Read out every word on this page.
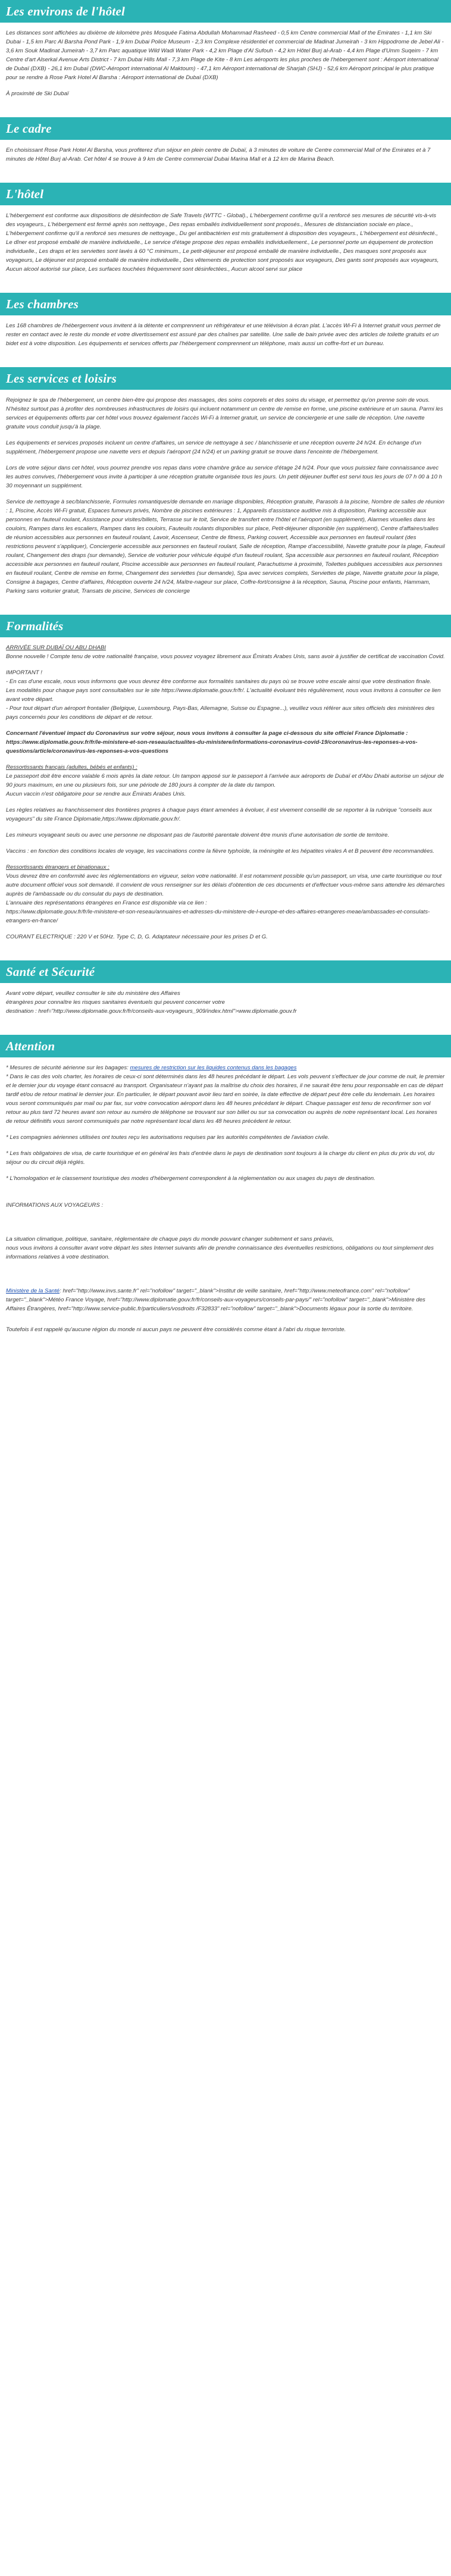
Les environs de l'hôtel

Les distances sont affichées au dixième de kilomètre près Mosquée Fatima Abdullah Mohammad Rasheed - 0,5 km Centre commercial Mall of the Emirates - 1,1 km Ski Dubai - 1,5 km Parc Al Barsha Pond Park - 1,9 km Dubai Police Museum - 2,3 km Complexe résidentiel et commercial de Madinat Jumeirah - 3 km Hippodrome de Jebel Ali - 3,6 km Souk Madinat Jumeirah - 3,7 km Parc aquatique Wild Wadi Water Park - 4,2 km Plage d'Al Sufouh - 4,2 km Hôtel Burj al-Arab - 4,4 km Plage d'Umm Suqeim - 7 km Centre d'art Alserkal Avenue Arts District - 7 km Dubai Hills Mall - 7,3 km Plage de Kite - 8 km Les aéroports les plus proches de l'hébergement sont : Aéroport international de Dubaï (DXB) - 26,1 km Dubaï (DWC-Aéroport international Al Maktoum) - 47,1 km Aéroport international de Sharjah (SHJ) - 52,6 km Aéroport principal le plus pratique pour se rendre à Rose Park Hotel Al Barsha : Aéroport international de Dubaï (DXB)

À proximité de Ski Dubaï

Le cadre

En choisissant Rose Park Hotel Al Barsha, vous profiterez d'un séjour en plein centre de Dubaï, à 3 minutes de voiture de Centre commercial Mall of the Emirates et à 7 minutes de Hôtel Burj al-Arab. Cet hôtel 4 se trouve à 9 km de Centre commercial Dubai Marina Mall et à 12 km de Marina Beach.

L'hôtel

L'hébergement est conforme aux dispositions de désinfection de Safe Travels (WTTC - Global)., L'hébergement confirme qu'il a renforcé ses mesures de sécurité vis-à-vis des voyageurs., L'hébergement est fermé après son nettoyage., Des repas emballés individuellement sont proposés., Mesures de distanciation sociale en place., L'hébergement confirme qu'il a renforcé ses mesures de nettoyage., Du gel antibactérien est mis gratuitement à disposition des voyageurs., L'hébergement est désinfecté., Le dîner est proposé emballé de manière individuelle., Le service d'étage propose des repas emballés individuellement., Le personnel porte un équipement de protection individuelle., Les draps et les serviettes sont lavés à 60 °C minimum., Le petit-déjeuner est proposé emballé de manière individuelle., Des masques sont proposés aux voyageurs, Le déjeuner est proposé emballé de manière individuelle., Des vêtements de protection sont proposés aux voyageurs, Des gants sont proposés aux voyageurs, Aucun alcool autorisé sur place, Les surfaces touchées fréquemment sont désinfectées., Aucun alcool servi sur place

Les chambres

Les 168 chambres de l'hébergement vous invitent à la détente et comprennent un réfrigérateur et une télévision à écran plat. L'accès Wi-Fi à Internet gratuit vous permet de rester en contact avec le reste du monde et votre divertissement est assuré par des chaînes par satellite. Une salle de bain privée avec des articles de toilette gratuits et un bidet est à votre disposition. Les équipements et services offerts par l'hébergement comprennent un téléphone, mais aussi un coffre-fort et un bureau.

Les services et loisirs

Rejoignez le spa de l'hébergement, un centre bien-être qui propose des massages, des soins corporels et des soins du visage, et permettez qu'on prenne soin de vous. N'hésitez surtout pas à profiter des nombreuses infrastructures de loisirs qui incluent notamment un centre de remise en forme, une piscine extérieure et un sauna. Parmi les services et équipements offerts par cet hôtel vous trouvez également l'accès Wi-Fi à Internet gratuit, un service de conciergerie et une salle de réception. Une navette gratuite vous conduit jusqu'à la plage.

Les équipements et services proposés incluent un centre d'affaires, un service de nettoyage à sec / blanchisserie et une réception ouverte 24 h/24. En échange d'un supplément, l'hébergement propose une navette vers et depuis l'aéroport (24 h/24) et un parking gratuit se trouve dans l'enceinte de l'hébergement.

Lors de votre séjour dans cet hôtel, vous pourrez prendre vos repas dans votre chambre grâce au service d'étage 24 h/24. Pour que vous puissiez faire connaissance avec les autres convives, l'hébergement vous invite à participer à une réception gratuite organisée tous les jours. Un petit déjeuner buffet est servi tous les jours de 07 h 00 à 10 h 30 moyennant un supplément.

Service de nettoyage à sec/blanchisserie, Formules romantiques/de demande en mariage disponibles, Réception gratuite, Parasols à la piscine, Nombre de salles de réunion : 1, Piscine, Accès Wi-Fi gratuit, Espaces fumeurs privés, Nombre de piscines extérieures : 1, Appareils d'assistance auditive mis à disposition, Parking accessible aux personnes en fauteuil roulant, Assistance pour visites/billets, Terrasse sur le toit, Service de transfert entre l'hôtel et l'aéroport (en supplément), Alarmes visuelles dans les couloirs, Rampes dans les escaliers, Rampes dans les couloirs, Fauteuils roulants disponibles sur place, Petit-déjeuner disponible (en supplément), Centre d'affaires/salles de réunion accessibles aux personnes en fauteuil roulant, Lavoir, Ascenseur, Centre de fitness, Parking couvert, Accessible aux personnes en fauteuil roulant (des restrictions peuvent s'appliquer), Conciergerie accessible aux personnes en fauteuil roulant, Salle de réception, Rampe d'accessibilité, Navette gratuite pour la plage, Fauteuil roulant, Changement des draps (sur demande), Service de voiturier pour véhicule équipé d'un fauteuil roulant, Spa accessible aux personnes en fauteuil roulant, Réception accessible aux personnes en fauteuil roulant, Piscine accessible aux personnes en fauteuil roulant, Parachutisme à proximité, Toilettes publiques accessibles aux personnes en fauteuil roulant, Centre de remise en forme, Changement des serviettes (sur demande), Spa avec services complets, Serviettes de plage, Navette gratuite pour la plage, Consigne à bagages, Centre d'affaires, Réception ouverte 24 h/24, Maître-nageur sur place, Coffre-fort/consigne à la réception, Sauna, Piscine pour enfants, Hammam, Parking sans voiturier gratuit, Transats de piscine, Services de concierge

Formalités

ARRIVÉE SUR DUBAÏ OU ABU DHABI

Bonne nouvelle ! Compte tenu de votre nationalité française, vous pouvez voyagez librement aux Émirats Arabes Unis, sans avoir à justifier de certificat de vaccination Covid.

IMPORTANT !

- En cas d'une escale, nous vous informons que vous devrez être conforme aux formalités sanitaires du pays où se trouve votre escale ainsi que votre destination finale.

Les modalités pour chaque pays sont consultables sur le site https://www.diplomatie.gouv.fr/fr/. L'actualité évoluant très régulièrement, nous vous invitons à consulter ce lien avant votre départ.

- Pour tout départ d'un aéroport frontalier (Belgique, Luxembourg, Pays-Bas, Allemagne, Suisse ou Espagne...), veuillez vous référer aux sites officiels des ministères des pays concernés pour les conditions de départ et de retour.

Concernant l'éventuel impact du Coronavirus sur votre séjour, nous vous invitons à consulter la page ci-dessous du site officiel France Diplomatie :

https://www.diplomatie.gouv.fr/fr/le-ministere-et-son-reseau/actualites-du-ministere/informations-coronavirus-covid-19/coronavirus-les-reponses-a-vos-questions/article/coronavirus-les-reponses-a-vos-questions

Ressortissants français (adultes, bébés et enfants) :

Le passeport doit être encore valable 6 mois après la date retour. Un tampon apposé sur le passeport à l'arrivée aux aéroports de Dubaï et d'Abu Dhabi autorise un séjour de 90 jours maximum, en une ou plusieurs fois, sur une période de 180 jours à compter de la date du tampon.

Aucun vaccin n'est obligatoire pour se rendre aux Émirats Arabes Unis.

Les règles relatives au franchissement des frontières propres à chaque pays étant amenées à évoluer, il est vivement conseillé de se reporter à la rubrique "conseils aux voyageurs" du site France Diplomatie,https://www.diplomatie.gouv.fr/.

Les mineurs voyageant seuls ou avec une personne ne disposant pas de l'autorité parentale doivent être munis d'une autorisation de sortie de territoire.

Vaccins : en fonction des conditions locales de voyage, les vaccinations contre la fièvre typhoïde, la méningite et les hépatites virales A et B peuvent être recommandées.

Ressortissants étrangers et binationaux :

Vous devrez être en conformité avec les réglementations en vigueur, selon votre nationalité. Il est notamment possible qu'un passeport, un visa, une carte touristique ou tout autre document officiel vous soit demandé. Il convient de vous renseigner sur les délais d'obtention de ces documents et d'effectuer vous-même sans attendre les démarches auprès de l'ambassade ou du consulat du pays de destination.

L'annuaire des représentations étrangères en France est disponible via ce lien :

https://www.diplomatie.gouv.fr/fr/le-ministere-et-son-reseau/annuaires-et-adresses-du-ministere-de-l-europe-et-des-affaires-etrangeres-meae/ambassades-et-consulats-etrangers-en-france/

COURANT ELECTRIQUE : 220 V et 50Hz. Type C, D, G. Adaptateur nécessaire pour les prises D et G.

Santé et Sécurité

Avant votre départ, veuillez consulter le site du ministère des Affaires

étrangères pour connaître les risques sanitaires éventuels qui peuvent concerner votre

destination : href="http://www.diplomatie.gouv.fr/fr/conseils-aux-voyageurs_909/index.html">www.diplomatie.gouv.fr

Attention

* Mesures de sécurité aérienne sur les bagages: mesures de restriction sur les liquides contenus dans les bagages

* Dans le cas des vols charter, les horaires de ceux-ci sont déterminés dans les 48 heures précédant le départ. Les vols peuvent s'effectuer de jour comme de nuit, le premier et le dernier jour du voyage étant consacré au transport. Organisateur n'ayant pas la maîtrise du choix des horaires, il ne saurait être tenu pour responsable en cas de départ tardif et/ou de retour matinal le dernier jour. En particulier, le départ pouvant avoir lieu tard en soirée, la date effective de départ peut être celle du lendemain. Les horaires vous seront communiqués par mail ou par fax, sur votre convocation aéroport dans les 48 heures précédant le départ. Chaque passager est tenu de reconfirmer son vol retour au plus tard 72 heures avant son retour au numéro de téléphone se trouvant sur son billet ou sur sa convocation ou auprès de notre représentant local. Les horaires de retour définitifs vous seront communiqués par notre représentant local dans les 48 heures précédent le retour.

* Les compagnies aériennes utilisées ont toutes reçu les autorisations requises par les autorités compétentes de l'aviation civile.

* Les frais obligatoires de visa, de carte touristique et en général les frais d'entrée dans le pays de destination sont toujours à la charge du client en plus du prix du vol, du séjour ou du circuit déjà réglés.

* L'homologation et le classement touristique des modes d'hébergement correspondent à la réglementation ou aux usages du pays de destination.

INFORMATIONS AUX VOYAGEURS :

La situation climatique, politique, sanitaire, réglementaire de chaque pays du monde pouvant changer subitement et sans préavis,

nous vous invitons à consulter avant votre départ les sites Internet suivants afin de prendre connaissance des éventuelles restrictions, obligations ou tout simplement des informations relatives à votre destination.

Ministère de la Santé: href="http://www.invs.sante.fr" rel="nofollow" target="_blank">Institut de veille sanitaire, href="http://www.meteofrance.com" rel="nofollow" target="_blank">Météo France Voyage, href="http://www.diplomatie.gouv.fr/fr/conseils-aux-voyageurs/conseils-par-pays/" rel="nofollow" target="_blank">Ministère des Affaires Étrangères, href="http://www.service-public.fr/particuliers/vosdroits /F32833" rel="nofollow" target="_blank">Documents légaux pour la sortie du territoire.

Toutefois il est rappelé qu'aucune région du monde ni aucun pays ne peuvent être considérés comme étant à l'abri du risque terroriste.
